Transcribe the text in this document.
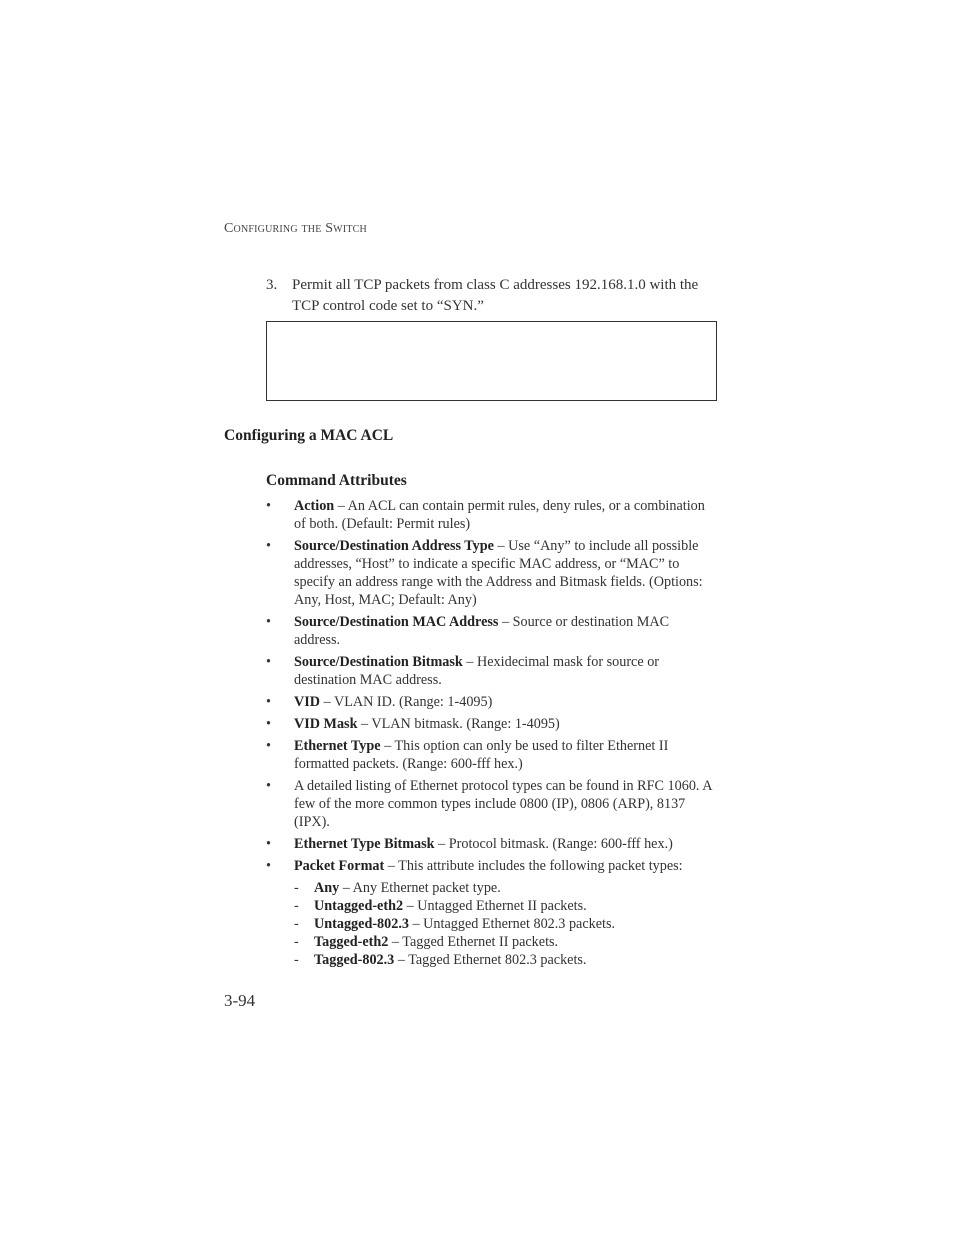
Configuring the Switch
3. Permit all TCP packets from class C addresses 192.168.1.0 with the TCP control code set to “SYN.”
Configuring a MAC ACL
Command Attributes
• Action – An ACL can contain permit rules, deny rules, or a combination of both. (Default: Permit rules)
• Source/Destination Address Type – Use “Any” to include all possible addresses, “Host” to indicate a specific MAC address, or “MAC” to specify an address range with the Address and Bitmask fields. (Options: Any, Host, MAC; Default: Any)
• Source/Destination MAC Address – Source or destination MAC address.
• Source/Destination Bitmask – Hexidecimal mask for source or destination MAC address.
• VID – VLAN ID. (Range: 1-4095)
• VID Mask – VLAN bitmask. (Range: 1-4095)
• Ethernet Type – This option can only be used to filter Ethernet II formatted packets. (Range: 600-fff hex.)
• A detailed listing of Ethernet protocol types can be found in RFC 1060. A few of the more common types include 0800 (IP), 0806 (ARP), 8137 (IPX).
• Ethernet Type Bitmask – Protocol bitmask. (Range: 600-fff hex.)
• Packet Format – This attribute includes the following packet types:
- Any – Any Ethernet packet type.
- Untagged-eth2 – Untagged Ethernet II packets.
- Untagged-802.3 – Untagged Ethernet 802.3 packets.
- Tagged-eth2 – Tagged Ethernet II packets.
- Tagged-802.3 – Tagged Ethernet 802.3 packets.
3-94
